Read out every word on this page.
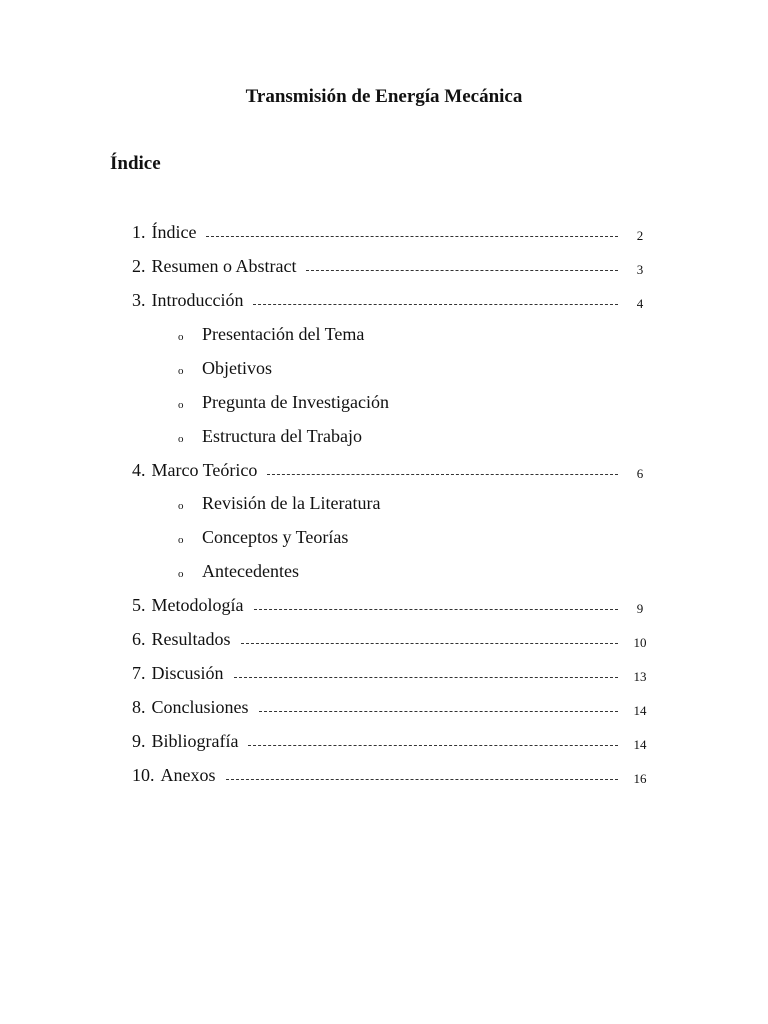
Transmisión de Energía Mecánica
Índice
1. Índice	2
2. Resumen o Abstract	3
3. Introducción	4
o	Presentación del Tema
o	Objetivos
o	Pregunta de Investigación
o	Estructura del Trabajo
4. Marco Teórico	6
o	Revisión de la Literatura
o	Conceptos y Teorías
o	Antecedentes
5. Metodología	9
6. Resultados	10
7. Discusión	13
8. Conclusiones	14
9. Bibliografía	14
10. Anexos	16
